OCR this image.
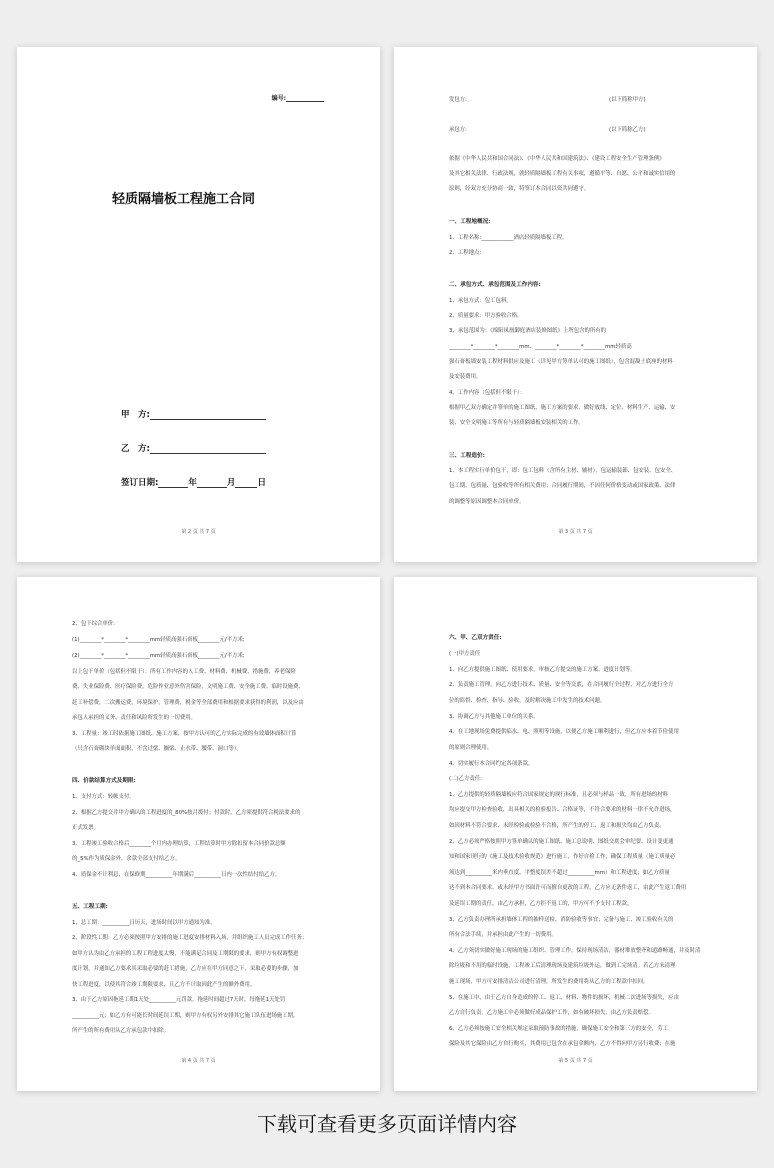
编号:
轻质隔墙板工程施工合同
甲　方:
乙　方:
签订日期:	年	月	日
第 2 页 共 7 页

发包方:	(以下简称甲方)

承包方:	(以下简称乙方)

依据《中华人民共和国合同法》、《中华人民共和国建筑法》、《建设工程安全生产管理条例》

及其它相关法律、行政法规，就轻质隔墙板工程有关事项，遵循平等、自愿、公平和诚实信用的

原则，经双方充分协商一致，特签订本合同以资共同遵守。

一、工程地概况:

1、工程名称:____________酒店轻质隔墙板工程。

2、工程地点:

二、承包方式、承包范围及工作内容:

1、承包方式：包工包料。

2、质量要求：甲方验收合格。

3、承包范围为：《绵阳凤凰御庭酒店装修图纸》上所包含的所有的

________*________*________mm、________*________*________mm轻质高

强石膏板墙安装工程材料供应及施工（详见甲方签单认可的施工图纸），包含混凝土底座的材料

及安装费用。

4、工作内容（包括但不限于）：

根据甲乙双方确定并签单的施工图纸、施工方案的要求，做好放线、定位、材料生产、运输、安

装、安全文明施工等所有与轻质隔墙板安装相关的工作。

三、工程造价:

1、本工程实行单价包干，即：包工包料（含所有主材、辅材），包运输装卸、包安装、包安全、

包工期、包质量、包验收等所有相关费用；合同履行期间，不因任何价格变动或国家政策、法律

的调整等原因调整本合同单价。

第 3 页 共 7 页

2、包干综合单价:

(1)________*________*________mm轻质高强石膏板________元/平方米;

(2)________*________*________mm轻质高强石膏板________元/平方米;

以上包干单价（包括但不限于）：所有工作内容的人工费、材料费、机械费、措施费，养老保险

费、失业保险费、医疗保险费，危险作业意外伤害保险，文明施工费、安全施工费、临时设施费、

赶工补偿费，二次搬运费，环境保护，管理费，税金等全部费用和根据要求获得的利润，以及应由

承包人承担的义务、责任和风险所发生的一切费用。

3、工程量：竣工时依据施工图纸、施工方案，按甲方认可的乙方实际完成的有效墙体面积计算

（只含石膏砌块单面面积，不含过梁、搁梁、止水带、腰带、洞口等）。

四、价款结算方式及期限:

1、支付方式：转帐支付。

2、根据乙方提交并甲方确认的工程进度的_80%按月拨付；付款时，乙方须提供符合税法要求的

正式发票。

3、工程竣工验收合格后________个月内办理结算，工程结算时甲方除扣留本合同价款总额

的_5%作为质保金外，余款全部支付给乙方。

4、质保金不计利息，在保修期__________年期满后__________日内一次性结付给乙方。

五、工程工期:

1、总工期：__________日历天，进场时间以甲方通知为准。

2、阶段性工期：乙方必须按照甲方安排的施工进度安排材料入场，并组织施工人员完成工作任务；

如甲方认为由乙方承担的工程工程进度太慢，不能满足合同及工期限的要求，则甲方有权调整进

度计划，并通知乙方要求其采取必要的赶工措施，乙方应在甲方同意之下，采取必要的步骤，加

快工程进度，以使其符合竣工期限要求，且乙方不计取因此产生的额外费用。

3、由于乙方原因拖延工期1天处__________元罚款，拖延时间超过7天时，每拖延1天处罚

__________元；如乙方有可能长时间延误工期，则甲方有权另外安排其它施工队伍进场施工期，

所产生的所有费用从乙方承包款中扣除。

第 4 页 共 7 页

六、甲、乙双方责任:

(一)甲方责任

1、向乙方提供施工图纸、使用要求，审核乙方提交的施工方案、进度计划等。

2、负责施工管理，向乙方进行技术、质量、安全等交底，在合同履行全过程，对乙方进行全方

位的监督、检查、指导、验收，及时解决施工中发生的技术问题。

3、协调乙方与其他施工单位的关系。

4、在工地现场免费提供临水、电、照明等设施，以便乙方施工顺利进行，但乙方应本着节俭使用

的原则合理使用。

4、切实履行本合同约定各项条款。

(二)乙方责任:

1、乙方提供的轻质隔墙板应符合国家规定的现行标准，且必须与样品一致，所有进场的材料

均应提交甲方检查验收，出具相关的检验报告、合格证等，不符合要求的材料一律不允许进场，

如因材料不符合要求、未经检验或检验不合格，所产生的停工、返工和损失均由乙方负责。

2、乙方必须严格按照甲方签单确认的施工图纸、施工总说明、图纸交底会审纪要、设计变更通

知和国家现行的《施工及技术验收规范》进行施工，作好自检工作，确保工程质量（施工质量必

须达到__________米内垂直度、平整度误差不超过__________mm）和工程进度；如乙方质量

达不到本合同要求，或未经甲方书面许可而擅自更改的工程，乙方应无条件返工，由此产生返工费用

及延误工期的责任，由乙方承担，乙方拒不返工的，甲方可不予支付工程款。

3、乙方负责办理所承担墙体工程的抽样送检、消防验收等事宜；完备与施工、竣工验收有关的

所有合法手续，并承担由此产生的一切费用。

4、乙方须切实做好施工现场的施工组织、管理工作，保持现场清洁，器材堆放整齐和道路畅通，并及时清

除垃圾和不用的临时设施，工程竣工后清理现场及建筑垃圾外运，做到工完场清。若乙方未清理

施工现场，甲方可安排清洁公司进行清理，所发生的费用将从乙方的工程款中扣回。

5、在施工中，由于乙方自身造成的停工、返工、材料、物件的损坏，机械二次进场等损失，应由

乙方自行负责。乙方施工中必须做好成品保护工作，如有破坏损失，由乙方负责赔偿。

6、乙方必须按施工安全相关规定采取预防事故的措施，确保施工安全和第三方的安全，劳工

保险及其它保险由乙方自行购买，其费用已包含在承包金额内，乙方不得向甲方另行收费；在施

第 5 页 共 7 页
下载可查看更多页面详情内容
